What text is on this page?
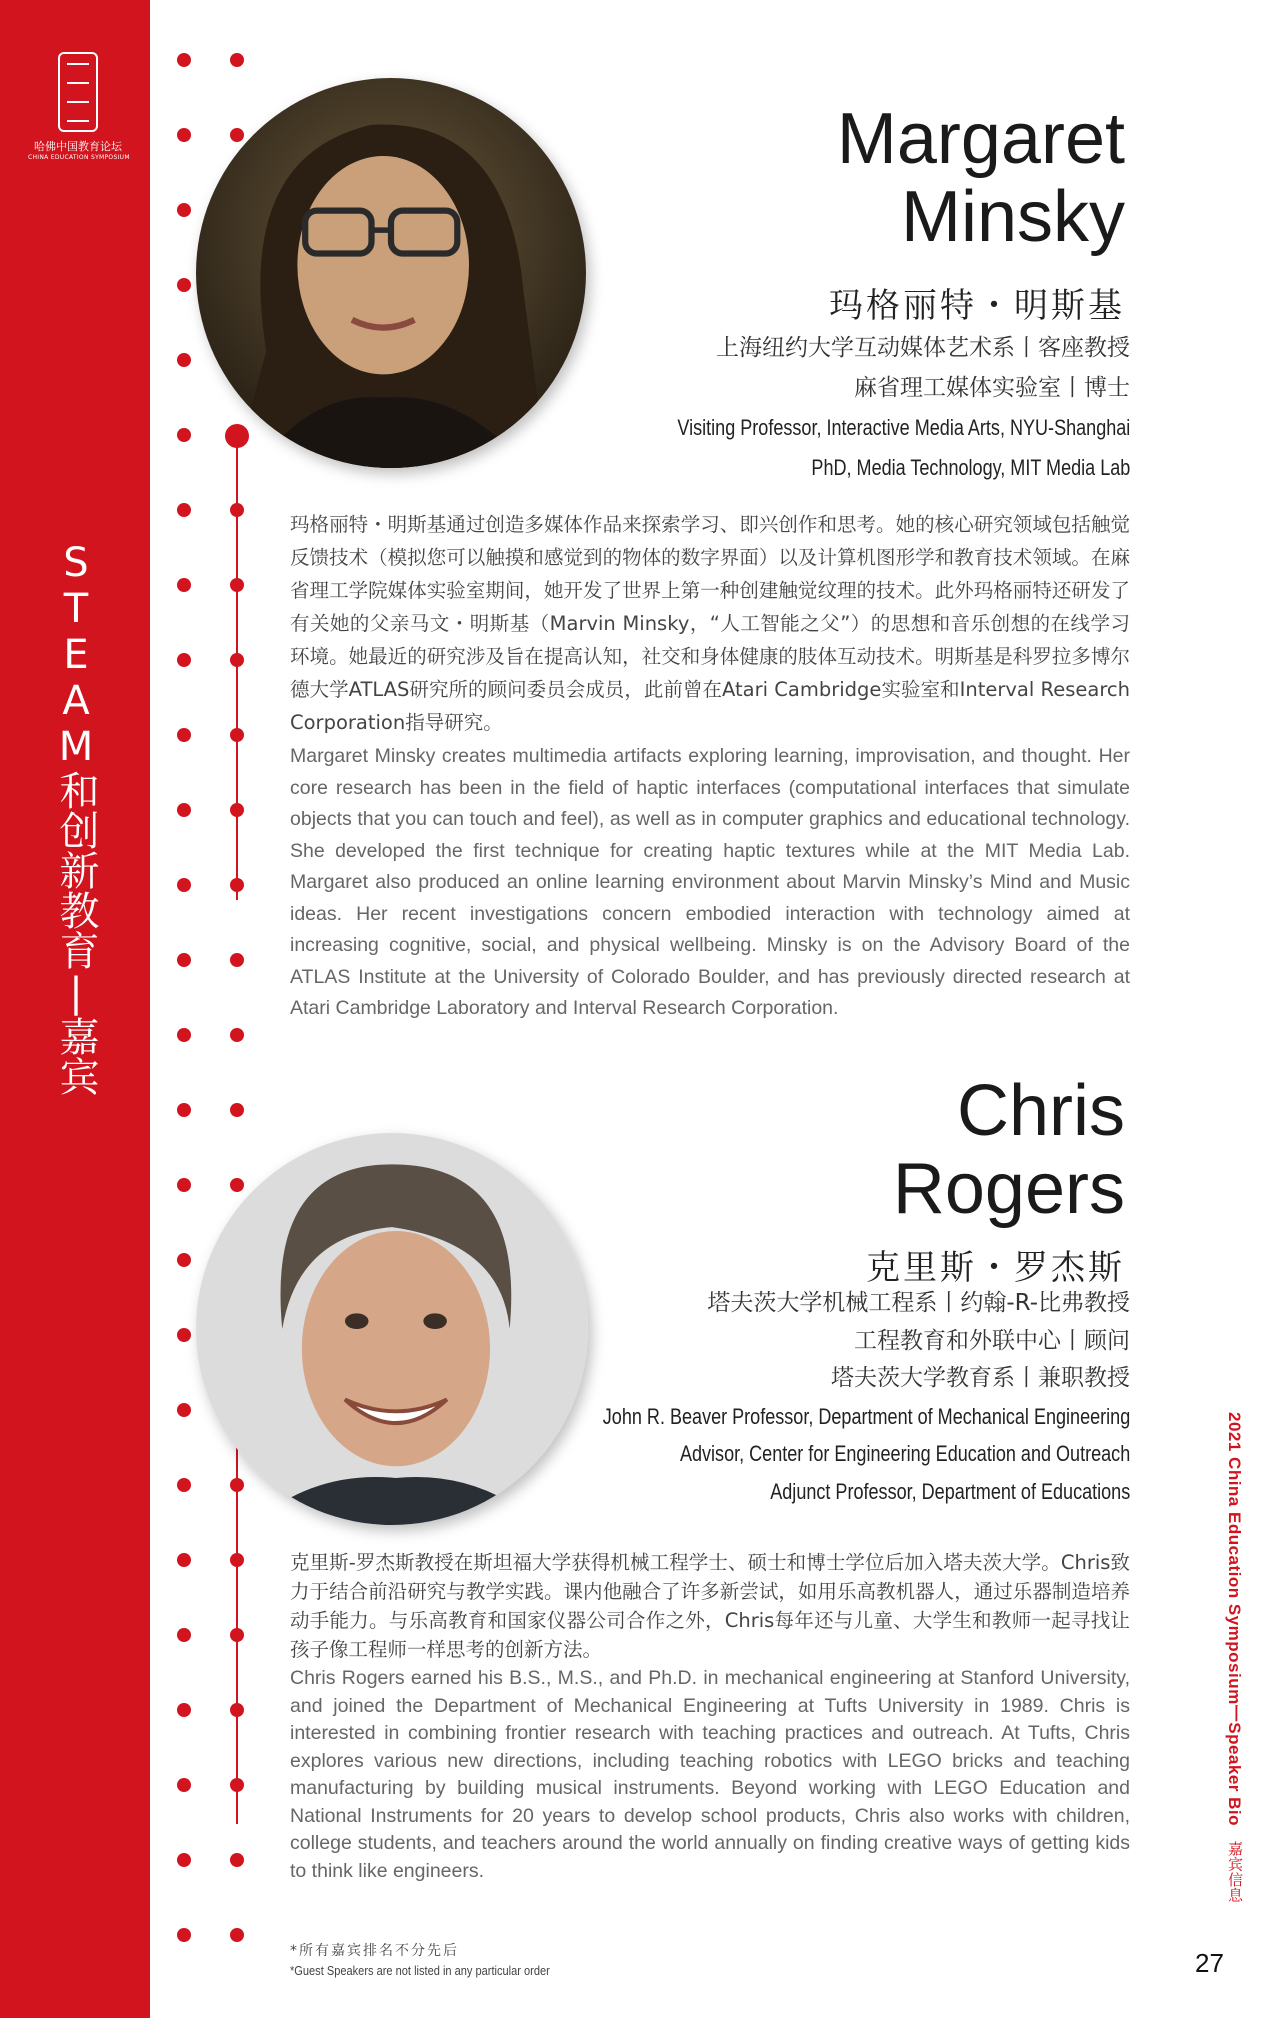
哈佛中国教育论坛
CHINA EDUCATION SYMPOSIUM
STEAM和创新教育|嘉宾
Margaret
Minsky
玛格丽特・明斯基
上海纽约大学互动媒体艺术系丨客座教授
麻省理工媒体实验室丨博士
Visiting Professor, Interactive Media Arts, NYU-Shanghai
PhD, Media Technology, MIT Media Lab
玛格丽特・明斯基通过创造多媒体作品来探索学习、即兴创作和思考。她的核心研究领域包括触觉反馈技术（模拟您可以触摸和感觉到的物体的数字界面）以及计算机图形学和教育技术领域。在麻省理工学院媒体实验室期间，她开发了世界上第一种创建触觉纹理的技术。此外玛格丽特还研发了有关她的父亲马文・明斯基（Marvin Minsky，“人工智能之父”）的思想和音乐创想的在线学习环境。她最近的研究涉及旨在提高认知，社交和身体健康的肢体互动技术。明斯基是科罗拉多博尔德大学ATLAS研究所的顾问委员会成员，此前曾在Atari Cambridge实验室和Interval Research Corporation指导研究。
Margaret Minsky creates multimedia artifacts exploring learning, improvisation, and thought. Her core research has been in the field of haptic interfaces (computational interfaces that simulate objects that you can touch and feel), as well as in computer graphics and educational technology. She developed the first technique for creating haptic textures while at the MIT Media Lab. Margaret also produced an online learning environment about Marvin Minsky’s Mind and Music ideas. Her recent investigations concern embodied interaction with technology aimed at increasing cognitive, social, and physical wellbeing. Minsky is on the Advisory Board of the ATLAS Institute at the University of Colorado Boulder, and has previously directed research at Atari Cambridge Laboratory and Interval Research Corporation.
Chris
Rogers
克里斯・罗杰斯
塔夫茨大学机械工程系丨约翰-R-比弗教授
工程教育和外联中心丨顾问
塔夫茨大学教育系丨兼职教授
John R. Beaver Professor, Department of Mechanical Engineering
Advisor, Center for Engineering Education and Outreach
Adjunct Professor, Department of Educations
克里斯-罗杰斯教授在斯坦福大学获得机械工程学士、硕士和博士学位后加入塔夫茨大学。Chris致力于结合前沿研究与教学实践。课内他融合了许多新尝试，如用乐高教机器人，通过乐器制造培养动手能力。与乐高教育和国家仪器公司合作之外，Chris每年还与儿童、大学生和教师一起寻找让孩子像工程师一样思考的创新方法。
Chris Rogers earned his B.S., M.S., and Ph.D. in mechanical engineering at Stanford University, and joined the Department of Mechanical Engineering at Tufts University in 1989. Chris is interested in combining frontier research with teaching practices and outreach. At Tufts, Chris explores various new directions, including teaching robotics with LEGO bricks and teaching manufacturing by building musical instruments. Beyond working with LEGO Education and National Instruments for 20 years to develop school products, Chris also works with children, college students, and teachers around the world annually on finding creative ways of getting kids to think like engineers.
2021 China Education Symposium丨Speaker Bio 嘉宾信息
*所有嘉宾排名不分先后
*Guest Speakers are not listed in any particular order	27
